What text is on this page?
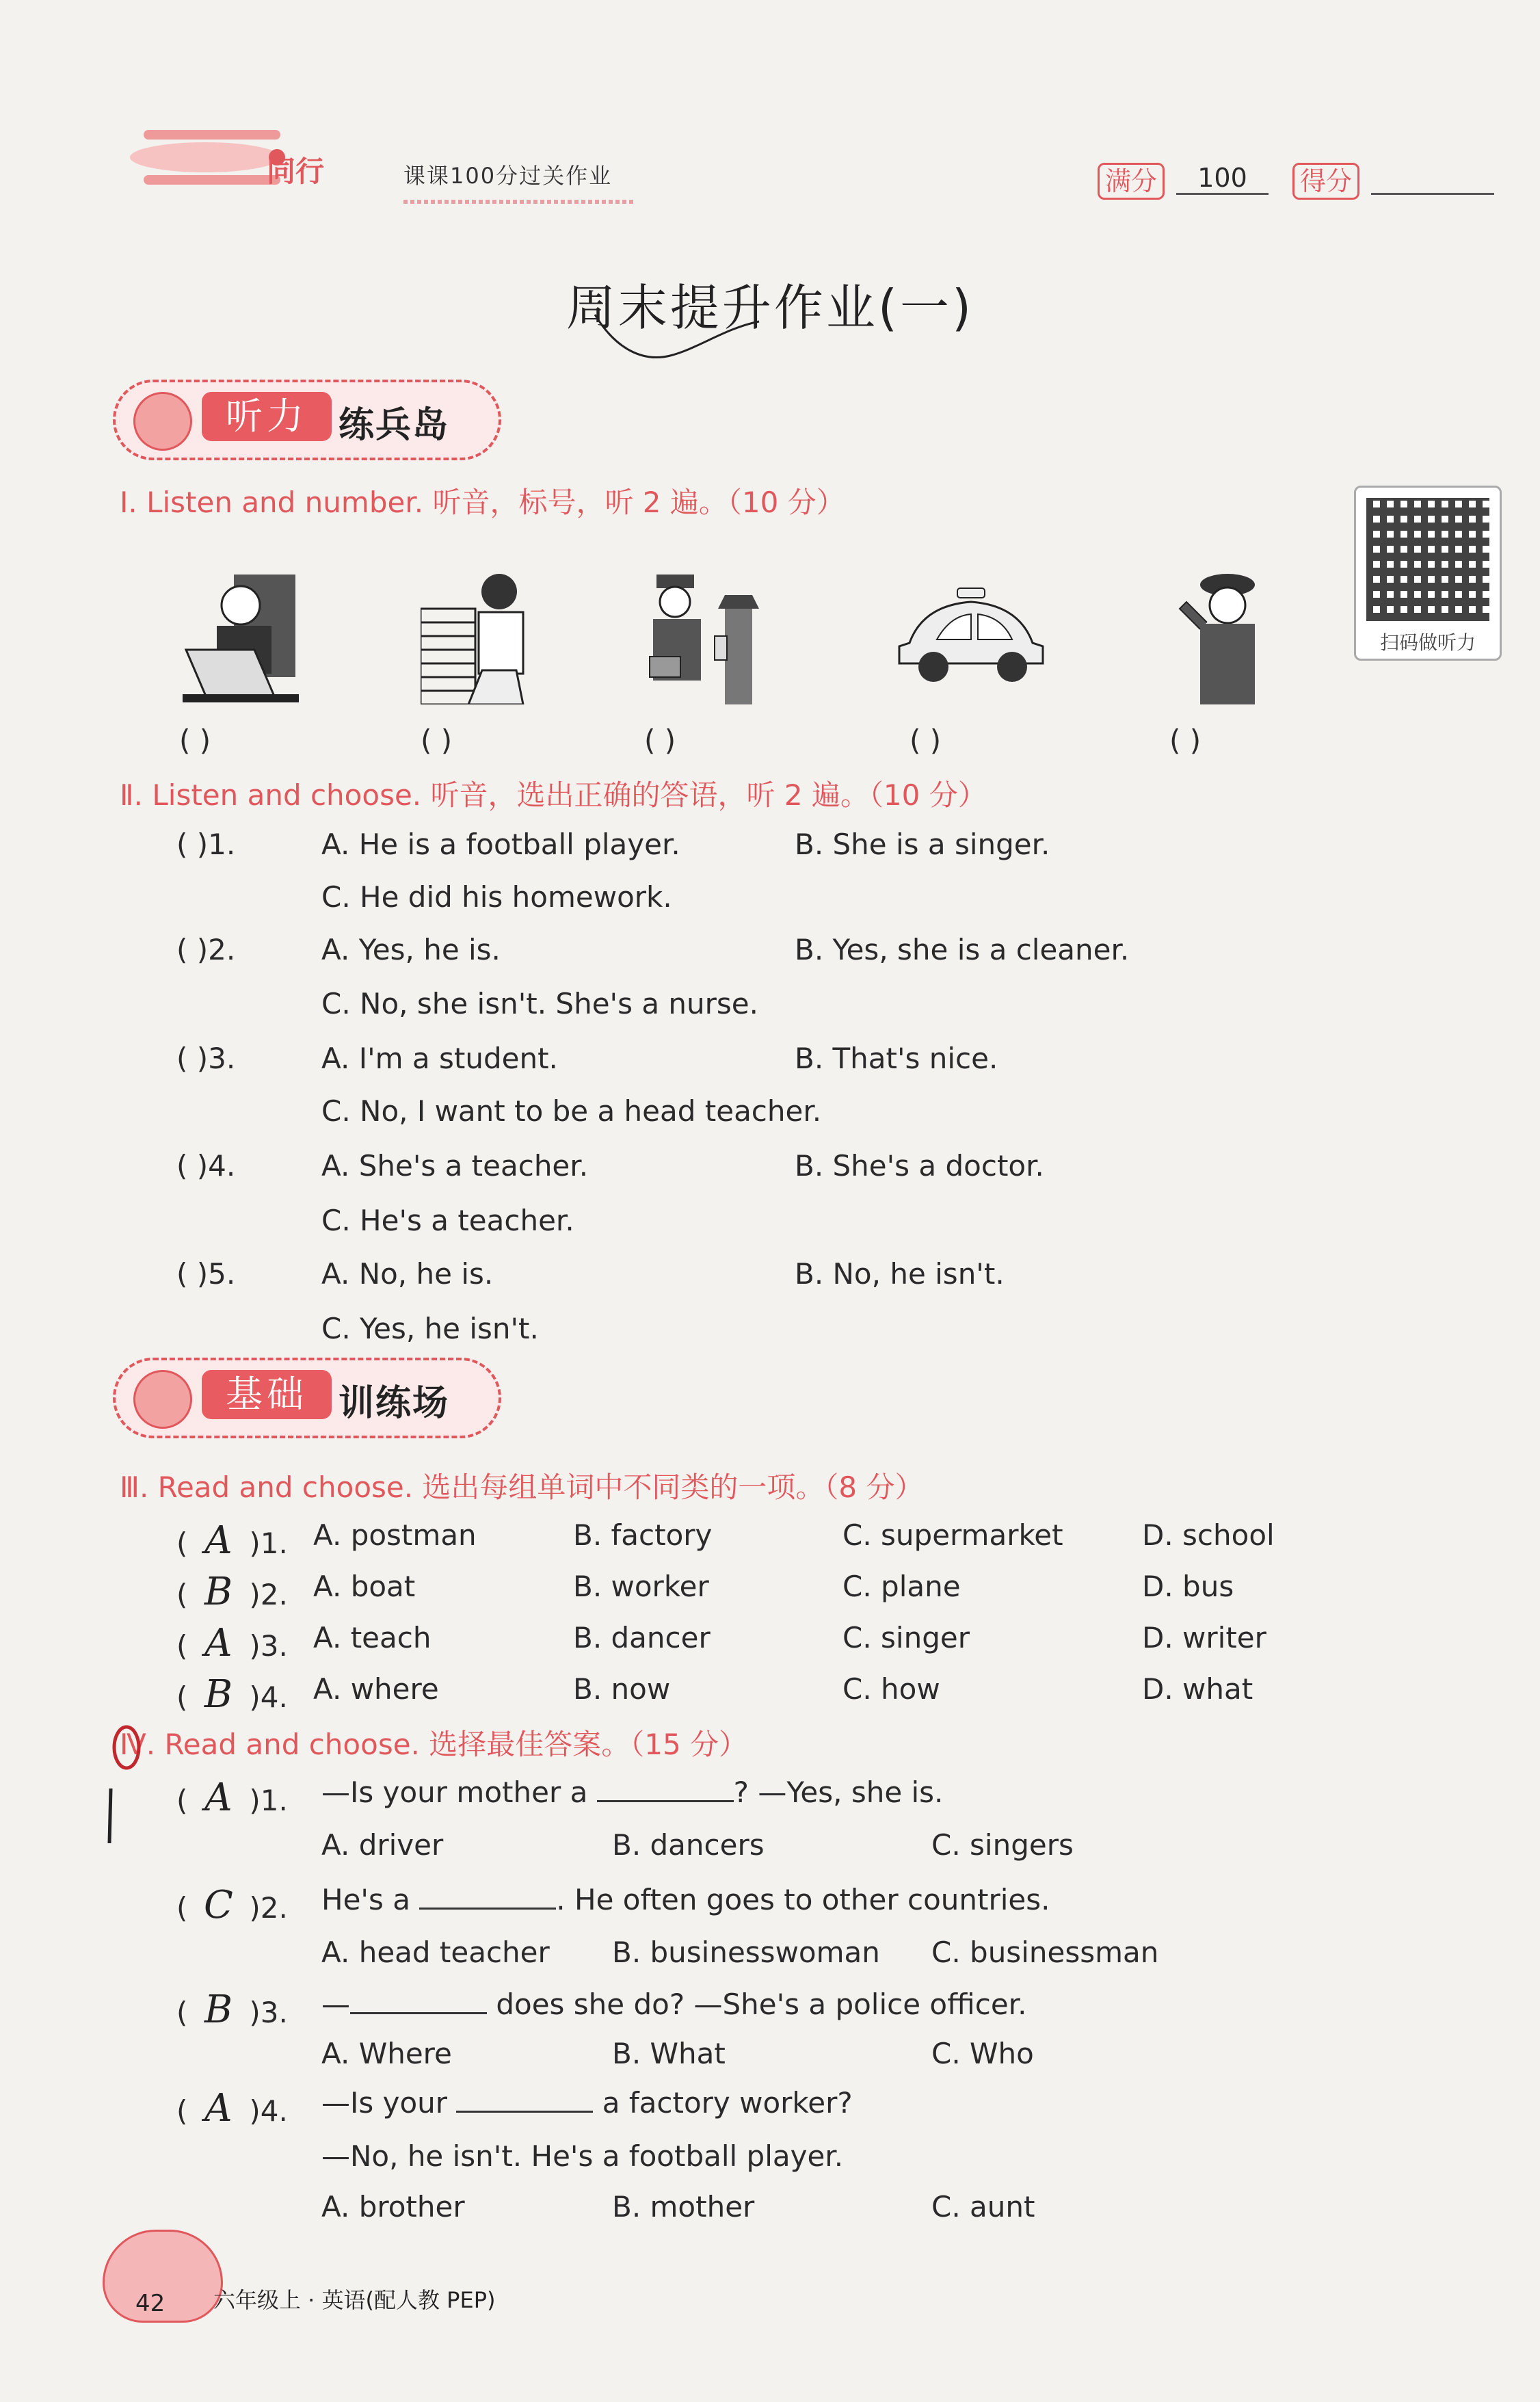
同行	课课100分过关作业	满分	100	得分
周末提升作业(一)
扫码做听力
听力 练兵岛
Ⅰ. Listen and number. 听音，标号，听 2 遍。（10 分）
( )	( )	( )	( )	( )
Ⅱ. Listen and choose. 听音，选出正确的答语，听 2 遍。（10 分）
( )1.	A. He is a football player.	B. She is a singer.
C. He did his homework.
( )2.	A. Yes, he is.	B. Yes, she is a cleaner.
C. No, she isn't. She's a nurse.
( )3.	A. I'm a student.	B. That's nice.
C. No, I want to be a head teacher.
( )4.	A. She's a teacher.	B. She's a doctor.
C. He's a teacher.
( )5.	A. No, he is.	B. No, he isn't.
C. Yes, he isn't.
基础 训练场
Ⅲ. Read and choose. 选出每组单词中不同类的一项。（8 分）
( A )1. A. postman	B. factory	C. supermarket	D. school
( B )2. A. boat	B. worker	C. plane	D. bus
( A )3. A. teach	B. dancer	C. singer	D. writer
( B )4. A. where	B. now	C. how	D. what
Ⅳ. Read and choose. 选择最佳答案。（15 分）
( A )1. —Is your mother a	? —Yes, she is.
A. driver	B. dancers	C. singers
( C )2. He's a	. He often goes to other countries.
A. head teacher B. businesswoman C. businessman
( B )3. —	does she do? —She's a police officer.
A. Where	B. What	C. Who
( A )4. —Is your	a factory worker?
—No, he isn't. He's a football player.
A. brother	B. mother	C. aunt
42 六年级上 · 英语(配人教 PEP)
